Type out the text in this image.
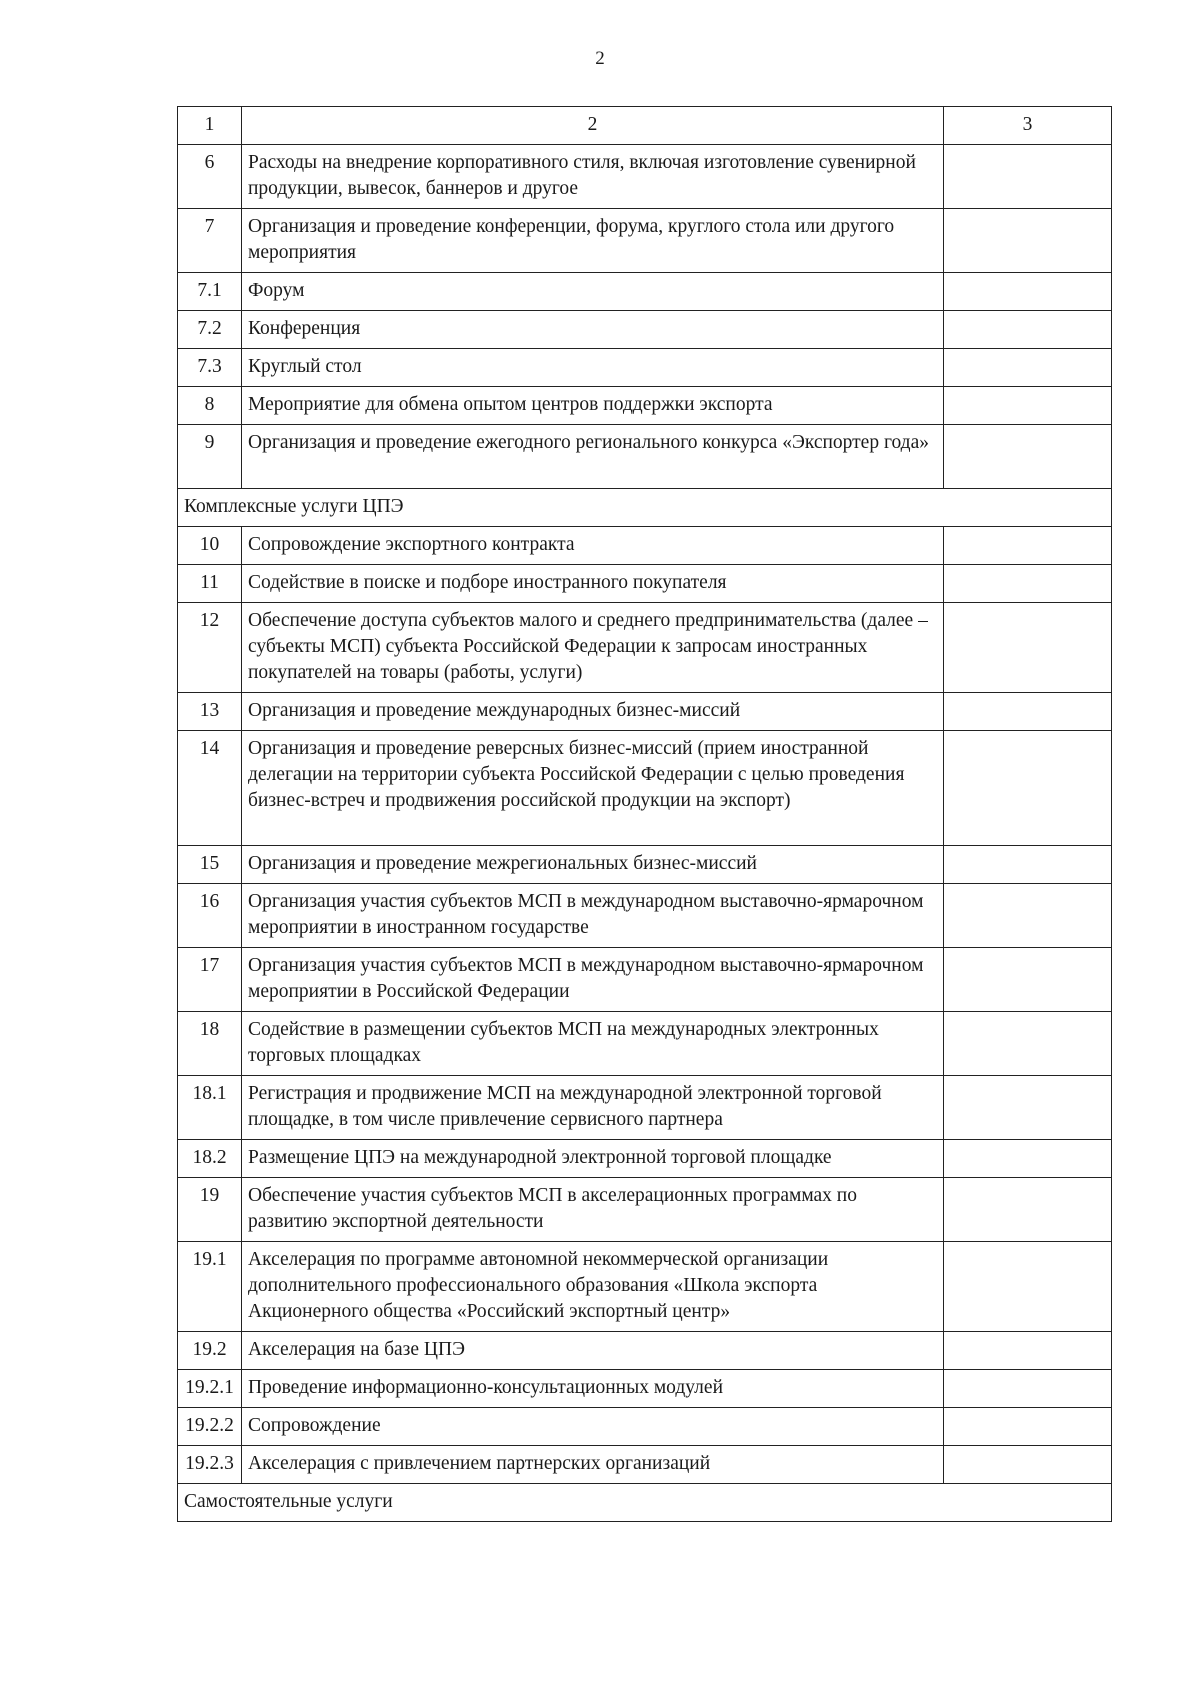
2
1	2	3
6	Расходы на внедрение корпоративного стиля, включая изготовление сувенирной продукции, вывесок, баннеров и другое	
7	Организация и проведение конференции, форума, круглого стола или другого мероприятия	
7.1	Форум	
7.2	Конференция	
7.3	Круглый стол	
8	Мероприятие для обмена опытом центров поддержки экспорта	
9	Организация и проведение ежегодного регионального конкурса «Экспортер года»	
Комплексные услуги ЦПЭ		
10	Сопровождение экспортного контракта	
11	Содействие в поиске и подборе иностранного покупателя	
12	Обеспечение доступа субъектов малого и среднего предпринимательства (далее – субъекты МСП) субъекта Российской Федерации к запросам иностранных покупателей на товары (работы, услуги)	
13	Организация и проведение международных бизнес-миссий	
14	Организация и проведение реверсных бизнес-миссий (прием иностранной делегации на территории субъекта Российской Федерации с целью проведения бизнес-встреч и продвижения российской продукции на экспорт)	
15	Организация и проведение межрегиональных бизнес-миссий	
16	Организация участия субъектов МСП в международном выставочно-ярмарочном мероприятии в иностранном государстве	
17	Организация участия субъектов МСП в международном выставочно-ярмарочном мероприятии в Российской Федерации	
18	Содействие в размещении субъектов МСП на международных электронных торговых площадках	
18.1	Регистрация и продвижение МСП на международной электронной торговой площадке, в том числе привлечение сервисного партнера	
18.2	Размещение ЦПЭ на международной электронной торговой площадке	
19	Обеспечение участия субъектов МСП в акселерационных программах по развитию экспортной деятельности	
19.1	Акселерация по программе автономной некоммерческой организации дополнительного профессионального образования «Школа экспорта Акционерного общества «Российский экспортный центр»	
19.2	Акселерация на базе ЦПЭ	
19.2.1	Проведение информационно-консультационных модулей	
19.2.2	Сопровождение	
19.2.3	Акселерация с привлечением партнерских организаций	
Самостоятельные услуги		
